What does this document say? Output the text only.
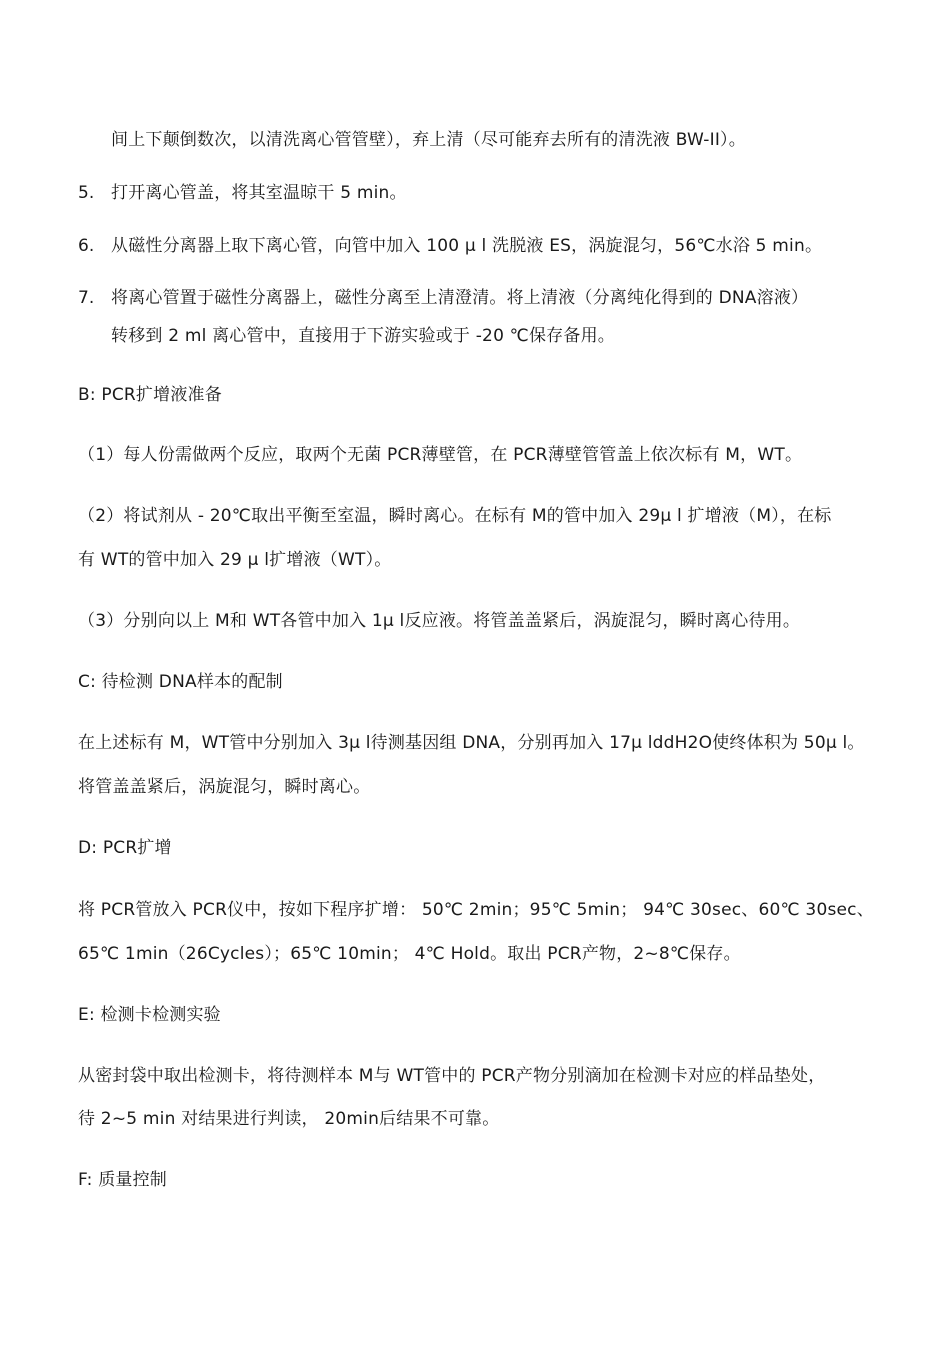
间上下颠倒数次，以清洗离心管管壁），弃上清（尽可能弃去所有的清洗液 BW-II）。
5. 打开离心管盖，将其室温晾干 5 min。
6. 从磁性分离器上取下离心管，向管中加入 100 μ l 洗脱液 ES，涡旋混匀，56℃水浴 5 min。
7. 将离心管置于磁性分离器上，磁性分离至上清澄清。将上清液（分离纯化得到的 DNA溶液）
转移到 2 ml 离心管中，直接用于下游实验或于 -20 ℃保存备用。
B: PCR扩增液准备
（1）每人份需做两个反应，取两个无菌 PCR薄壁管，在 PCR薄壁管管盖上依次标有 M，WT。
（2）将试剂从 - 20℃取出平衡至室温，瞬时离心。在标有 M的管中加入 29μ l 扩增液（M），在标
有 WT的管中加入 29 μ l扩增液（WT）。
（3）分别向以上 M和 WT各管中加入 1μ l反应液。将管盖盖紧后，涡旋混匀，瞬时离心待用。
C: 待检测 DNA样本的配制
在上述标有 M，WT管中分别加入 3μ l待测基因组 DNA，分别再加入 17μ lddH2O使终体积为 50μ l。
将管盖盖紧后，涡旋混匀，瞬时离心。
D: PCR扩增
将 PCR管放入 PCR仪中，按如下程序扩增： 50℃ 2min；95℃ 5min； 94℃ 30sec、60℃ 30sec、
65℃ 1min（26Cycles）；65℃ 10min； 4℃ Hold。取出 PCR产物，2~8℃保存。
E: 检测卡检测实验
从密封袋中取出检测卡，将待测样本 M与 WT管中的 PCR产物分别滴加在检测卡对应的样品垫处，
待 2~5 min 对结果进行判读， 20min后结果不可靠。
F: 质量控制
